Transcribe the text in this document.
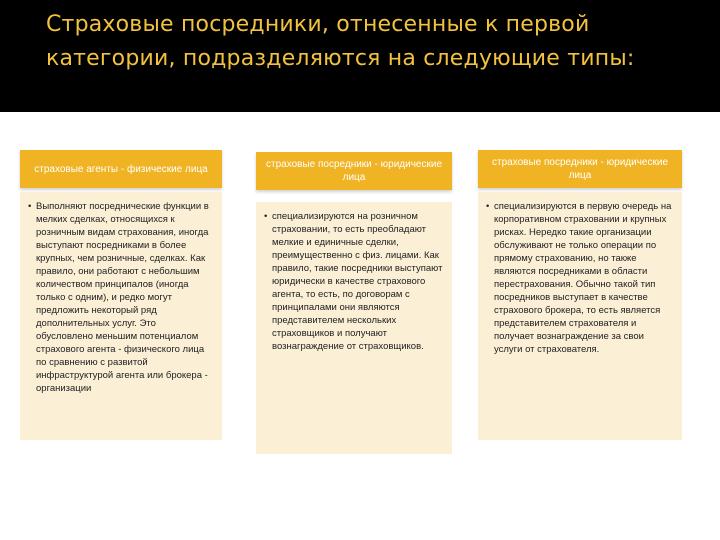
Страховые посредники, отнесенные к первой категории, подразделяются на следующие типы:
страховые агенты - физические лица

• Выполняют посреднические функции в мелких сделках, относящихся к розничным видам страхования, иногда выступают посредниками в более крупных, чем розничные, сделках. Как правило, они работают с небольшим количеством принципалов (иногда только с одним), и редко могут предложить некоторый ряд дополнительных услуг. Это обусловлено меньшим потенциалом страхового агента - физического лица по сравнению с развитой инфраструктурой агента или брокера - организации

страховые посредники - юридические лица

• специализируются на розничном страховании, то есть преобладают мелкие и единичные сделки, преимущественно с физ. лицами. Как правило, такие посредники выступают юридически в качестве страхового агента, то есть, по договорам с принципалами они являются представителем нескольких страховщиков и получают вознаграждение от страховщиков.

страховые посредники - юридические лица

• специализируются в первую очередь на корпоративном страховании и крупных рисках. Нередко такие организации обслуживают не только операции по прямому страхованию, но также являются посредниками в области перестрахования. Обычно такой тип посредников выступает в качестве страхового брокера, то есть является представителем страхователя и получает вознаграждение за свои услуги от страхователя.
